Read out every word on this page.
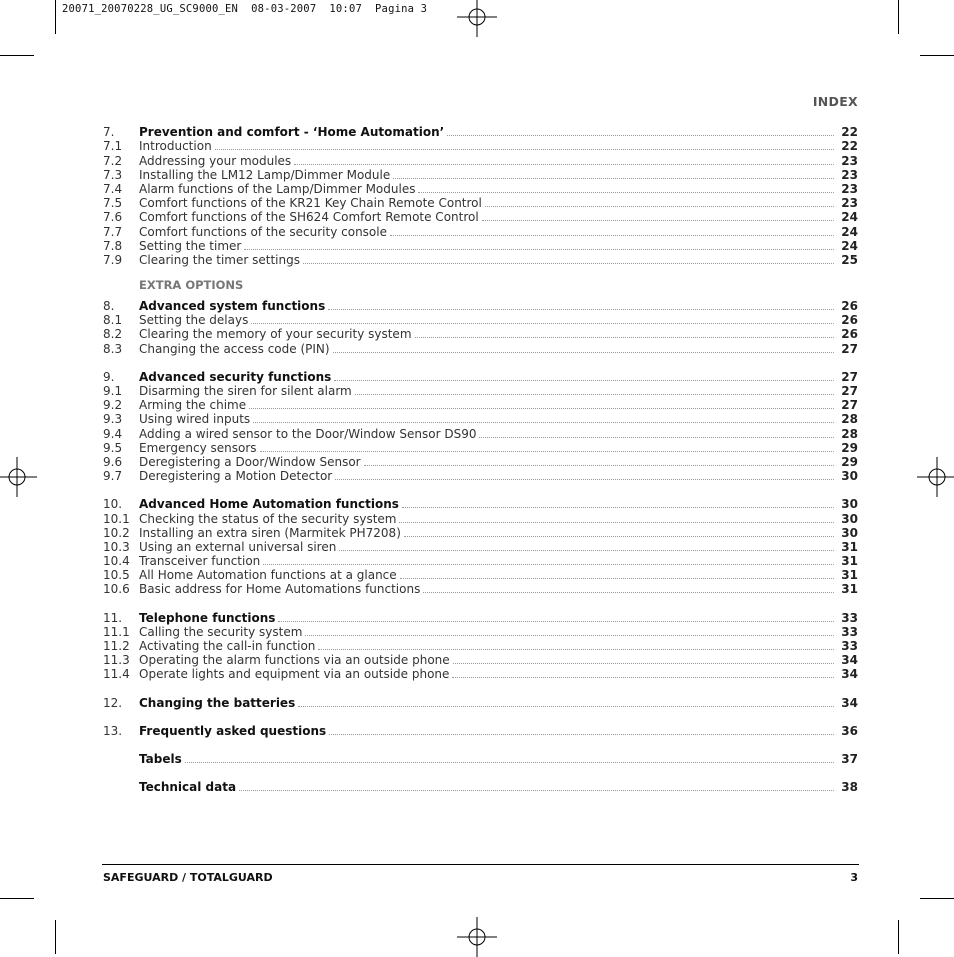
20071_20070228_UG_SC9000_EN  08-03-2007  10:07  Pagina 3
INDEX
7.	Prevention and comfort - ‘Home Automation’	22
7.1	Introduction	22
7.2	Addressing your modules	23
7.3	Installing the LM12 Lamp/Dimmer Module	23
7.4	Alarm functions of the Lamp/Dimmer Modules	23
7.5	Comfort functions of the KR21 Key Chain Remote Control	23
7.6	Comfort functions of the SH624 Comfort Remote Control	24
7.7	Comfort functions of the security console	24
7.8	Setting the timer	24
7.9	Clearing the timer settings	25
EXTRA OPTIONS
8.	Advanced system functions	26
8.1	Setting the delays	26
8.2	Clearing the memory of your security system	26
8.3	Changing the access code (PIN)	27
9.	Advanced security functions	27
9.1	Disarming the siren for silent alarm	27
9.2	Arming the chime	27
9.3	Using wired inputs	28
9.4	Adding a wired sensor to the Door/Window Sensor DS90	28
9.5	Emergency sensors	29
9.6	Deregistering a Door/Window Sensor	29
9.7	Deregistering a Motion Detector	30
10.	Advanced Home Automation functions	30
10.1 Checking the status of the security system	30
10.2 Installing an extra siren (Marmitek PH7208)	30
10.3 Using an external universal siren	31
10.4 Transceiver function	31
10.5 All Home Automation functions at a glance	31
10.6 Basic address for Home Automations functions	31
11.	Telephone functions	33
11.1 Calling the security system	33
11.2 Activating the call-in function	33
11.3 Operating the alarm functions via an outside phone	34
11.4 Operate lights and equipment via an outside phone	34
12.	Changing the batteries	34
13.	Frequently asked questions	36
Tabels	37
Technical data	38
SAFEGUARD / TOTALGUARD	3
